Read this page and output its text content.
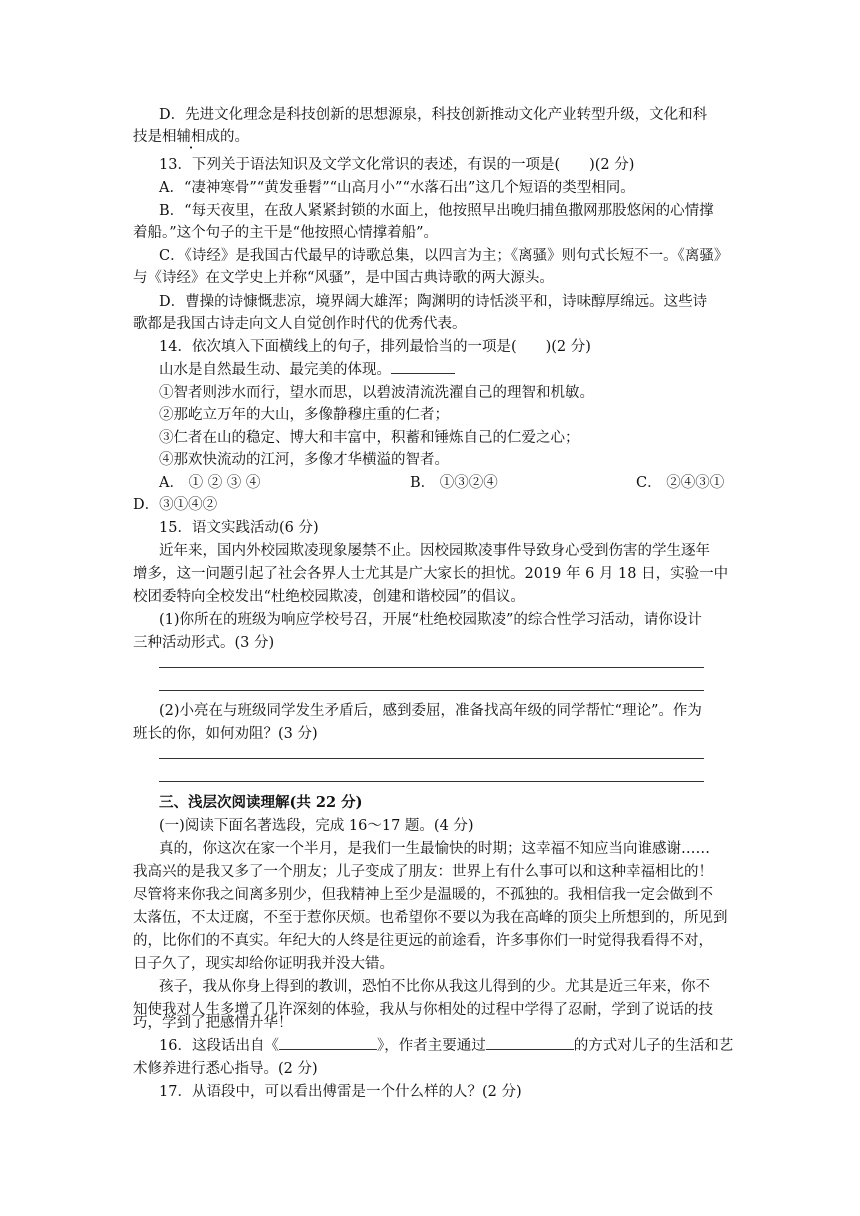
D．先进文化理念是科技创新的思想源泉，科技创新推动文化产业转型升级，文化和科
技是相辅相成的。
13．下列关于语法知识及文学文化常识的表述，有误的一项是(　　)(2 分)
A．“凄神寒骨”“黄发垂髫”“山高月小”“水落石出”这几个短语的类型相同。
B．“每天夜里，在敌人紧紧封锁的水面上，他按照早出晚归捕鱼撒网那股悠闲的心情撑
着船。”这个句子的主干是“他按照心情撑着船”。
C．《诗经》是我国古代最早的诗歌总集，以四言为主；《离骚》则句式长短不一。《离骚》
与《诗经》在文学史上并称“风骚”，是中国古典诗歌的两大源头。
D．曹操的诗慷慨悲凉，境界阔大雄浑；陶渊明的诗恬淡平和，诗味醇厚绵远。这些诗
歌都是我国古诗走向文人自觉创作时代的优秀代表。
14．依次填入下面横线上的句子，排列最恰当的一项是(　　)(2 分)
山水是自然最生动、最完美的体现。
①智者则涉水而行，望水而思，以碧波清流洗濯自己的理智和机敏。
②那屹立万年的大山，多像静穆庄重的仁者；
③仁者在山的稳定、博大和丰富中，积蓄和锤炼自己的仁爱之心；
④那欢快流动的江河，多像才华横溢的智者。
A． ① ② ③ ④	B． ①③②④	C． ②④③①
D．③①④②
15．语文实践活动(6 分)
近年来，国内外校园欺凌现象屡禁不止。因校园欺凌事件导致身心受到伤害的学生逐年
增多，这一问题引起了社会各界人士尤其是广大家长的担忧。2019 年 6 月 18 日，实验一中
校团委特向全校发出“杜绝校园欺凌，创建和谐校园”的倡议。
(1)你所在的班级为响应学校号召，开展“杜绝校园欺凌”的综合性学习活动，请你设计
三种活动形式。(3 分)
(2)小亮在与班级同学发生矛盾后，感到委屈，准备找高年级的同学帮忙“理论”。作为
班长的你，如何劝阻？(3 分)
三、浅层次阅读理解(共 22 分)
(一)阅读下面名著选段，完成 16～17 题。(4 分)
真的，你这次在家一个半月，是我们一生最愉快的时期；这幸福不知应当向谁感谢……
我高兴的是我又多了一个朋友；儿子变成了朋友：世界上有什么事可以和这种幸福相比的！
尽管将来你我之间离多别少，但我精神上至少是温暖的，不孤独的。我相信我一定会做到不
太落伍，不太迂腐，不至于惹你厌烦。也希望你不要以为我在高峰的顶尖上所想到的，所见到
的，比你们的不真实。年纪大的人终是往更远的前途看，许多事你们一时觉得我看得不对，
日子久了，现实却给你证明我并没大错。
孩子，我从你身上得到的教训，恐怕不比你从我这儿得到的少。尤其是近三年来，你不
知使我对人生多增了几许深刻的体验，我从与你相处的过程中学得了忍耐，学到了说话的技
巧，学到了把感情升华！
16．这段话出自《	》，作者主要通过	的方式对儿子的生活和艺
术修养进行悉心指导。(2 分)
17．从语段中，可以看出傅雷是一个什么样的人？(2 分)
